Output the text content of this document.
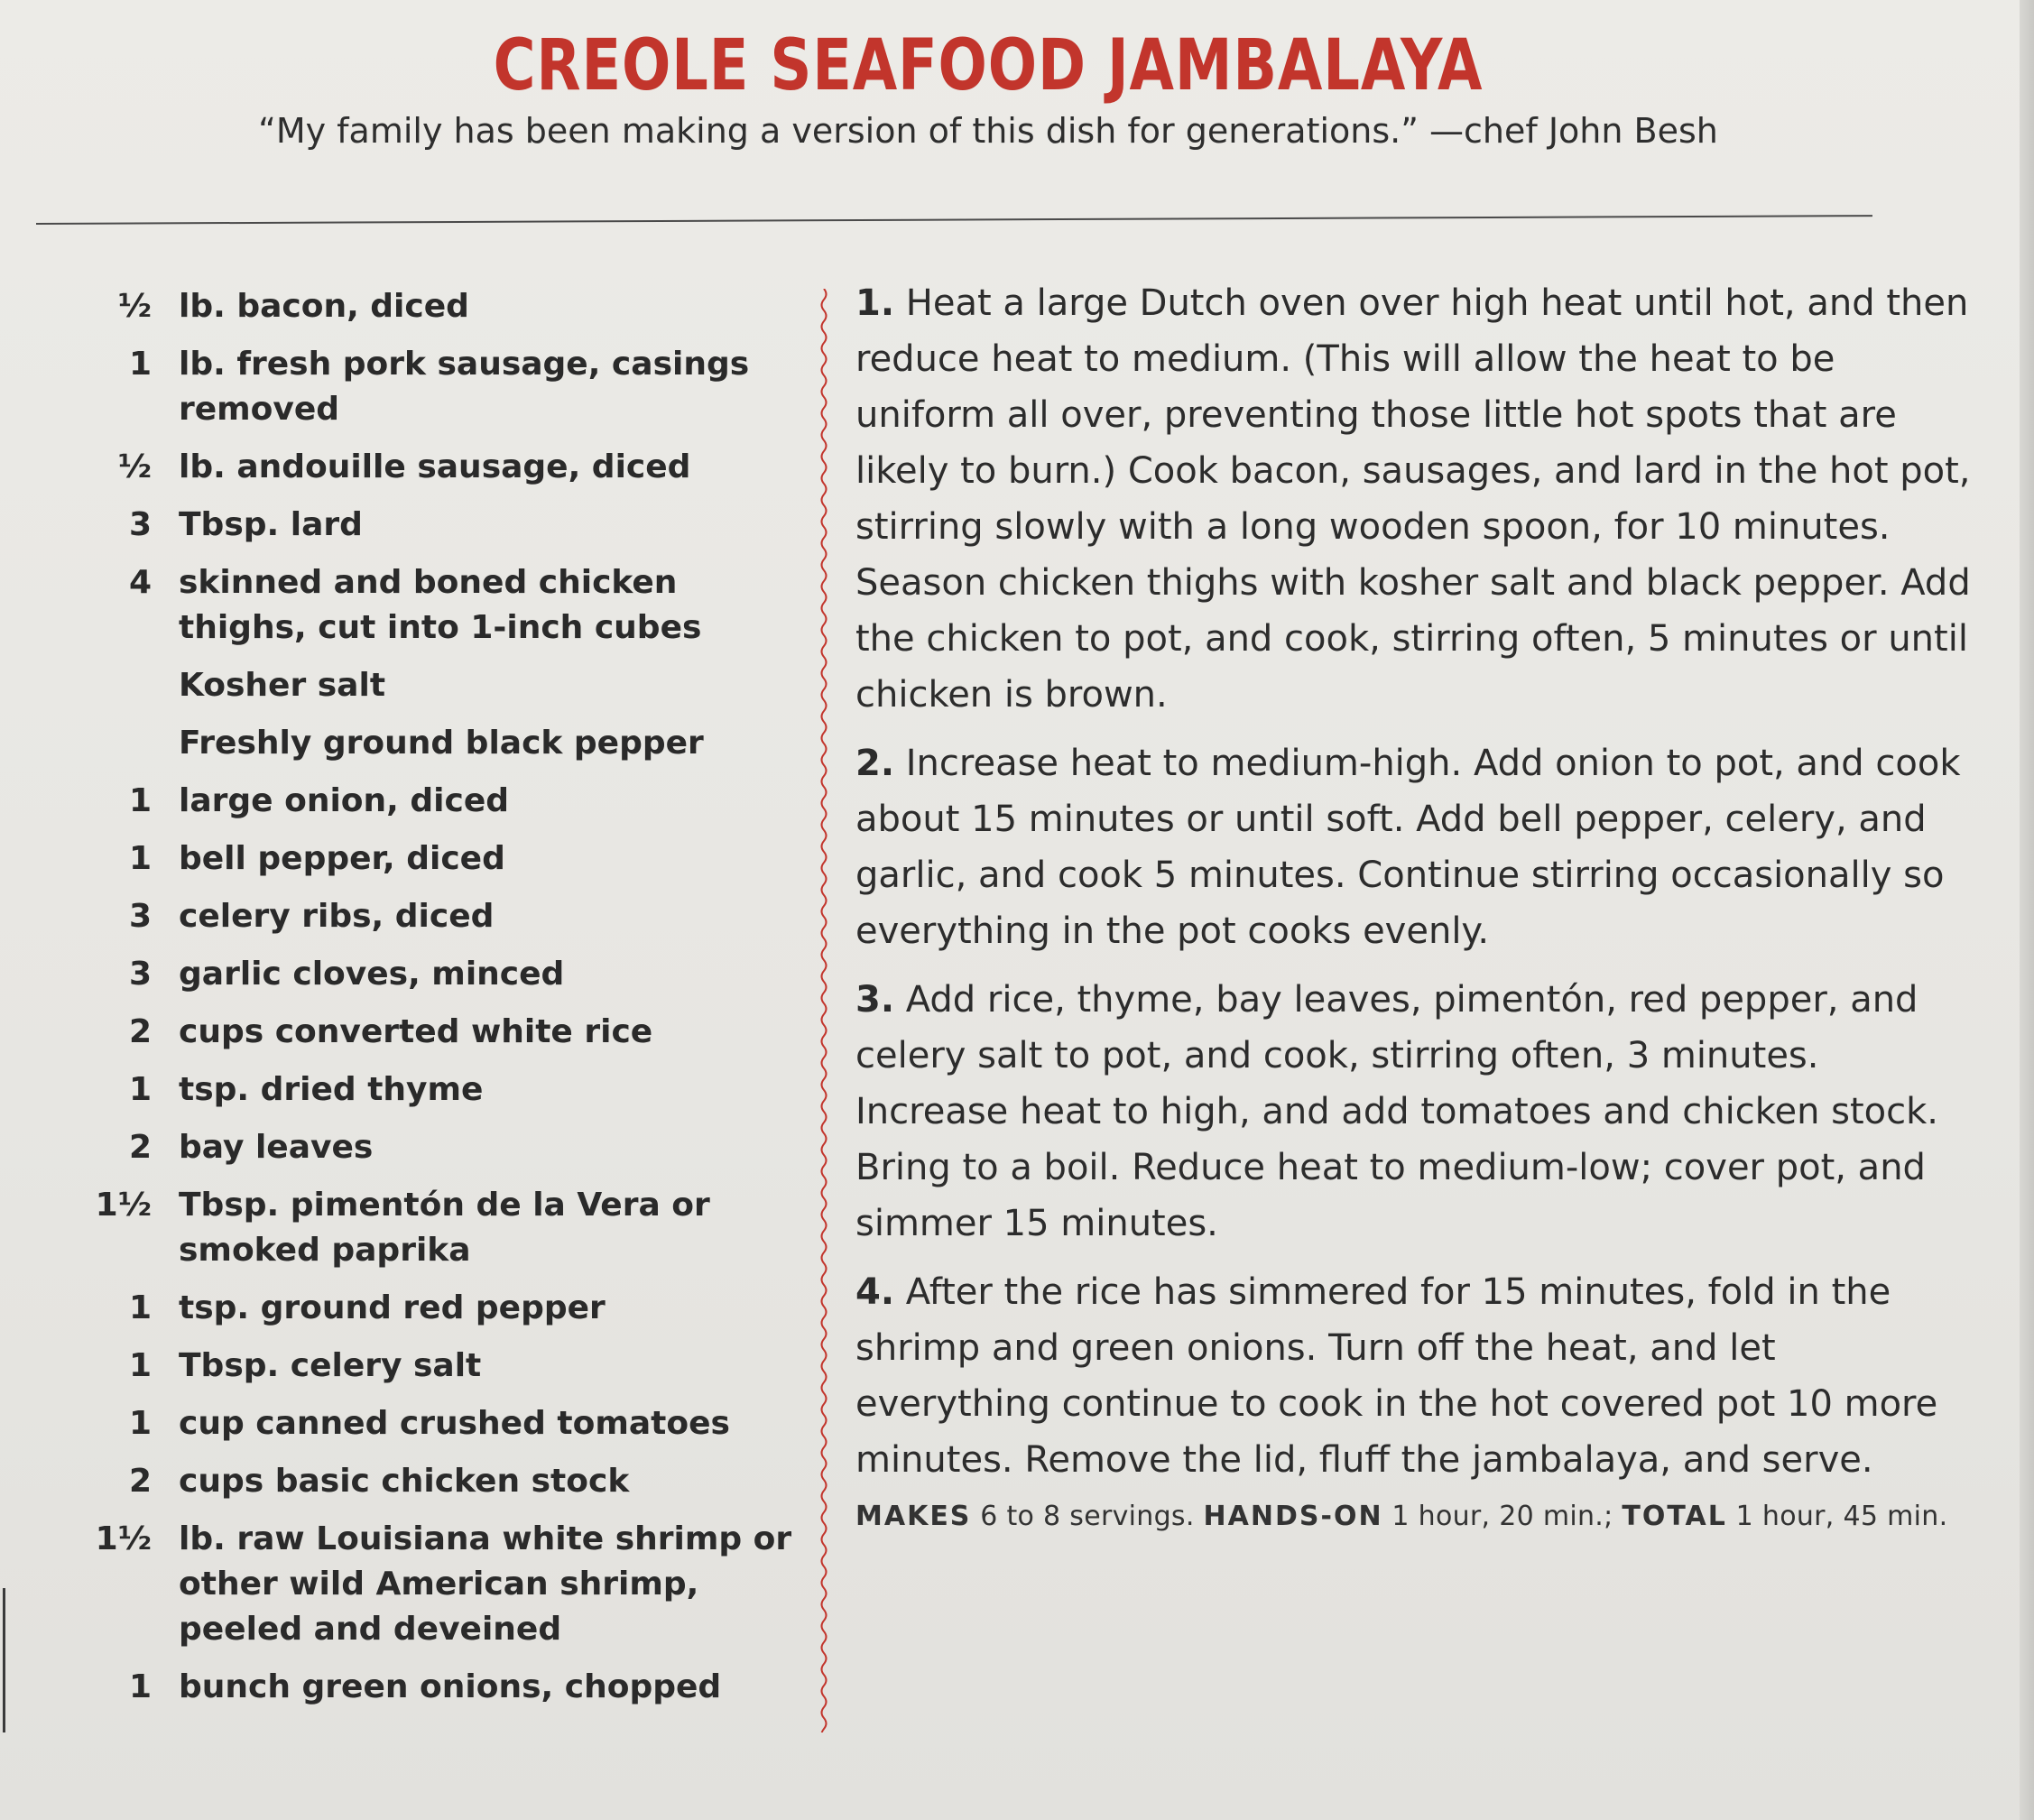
CREOLE SEAFOOD JAMBALAYA
“My family has been making a version of this dish for generations.” —chef John Besh
½ lb. bacon, diced
1 lb. fresh pork sausage, casings removed
½ lb. andouille sausage, diced
3 Tbsp. lard
4 skinned and boned chicken thighs, cut into 1-inch cubes
Kosher salt
Freshly ground black pepper
1 large onion, diced
1 bell pepper, diced
3 celery ribs, diced
3 garlic cloves, minced
2 cups converted white rice
1 tsp. dried thyme
2 bay leaves
1½ Tbsp. pimentón de la Vera or smoked paprika
1 tsp. ground red pepper
1 Tbsp. celery salt
1 cup canned crushed tomatoes
2 cups basic chicken stock
1½ lb. raw Louisiana white shrimp or other wild American shrimp, peeled and deveined
1 bunch green onions, chopped
1. Heat a large Dutch oven over high heat until hot, and then reduce heat to medium. (This will allow the heat to be uniform all over, preventing those little hot spots that are likely to burn.) Cook bacon, sausages, and lard in the hot pot, stirring slowly with a long wooden spoon, for 10 minutes. Season chicken thighs with kosher salt and black pepper. Add the chicken to pot, and cook, stirring often, 5 minutes or until chicken is brown.
2. Increase heat to medium-high. Add onion to pot, and cook about 15 minutes or until soft. Add bell pepper, celery, and garlic, and cook 5 minutes. Continue stirring occasionally so everything in the pot cooks evenly.
3. Add rice, thyme, bay leaves, pimentón, red pepper, and celery salt to pot, and cook, stirring often, 3 minutes. Increase heat to high, and add tomatoes and chicken stock. Bring to a boil. Reduce heat to medium-low; cover pot, and simmer 15 minutes.
4. After the rice has simmered for 15 minutes, fold in the shrimp and green onions. Turn off the heat, and let everything continue to cook in the hot covered pot 10 more minutes. Remove the lid, fluff the jambalaya, and serve.
MAKES 6 to 8 servings. HANDS-ON 1 hour, 20 min.; TOTAL 1 hour, 45 min.
